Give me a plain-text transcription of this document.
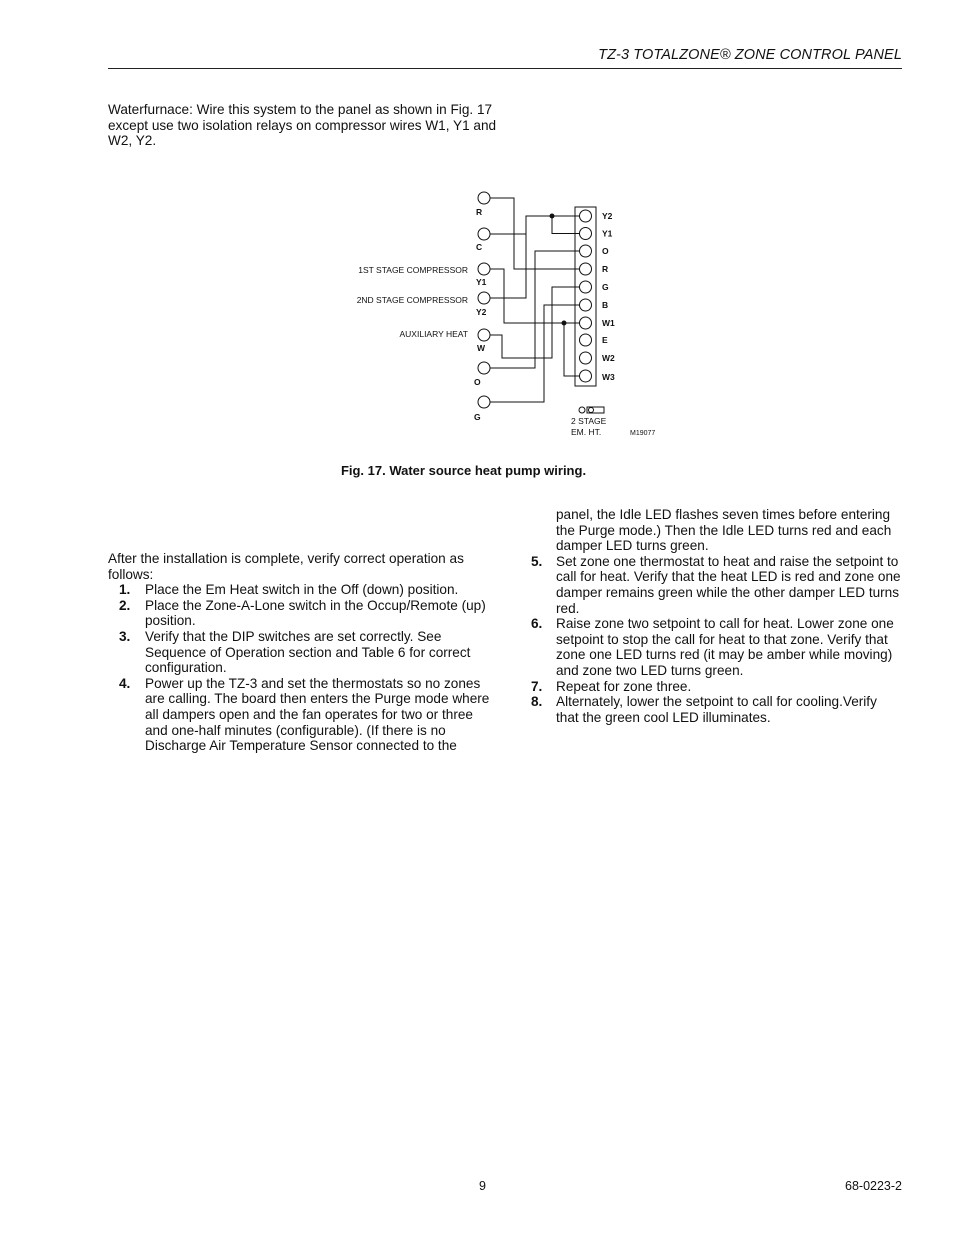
TZ-3 TOTALZONE® ZONE CONTROL PANEL
Waterfurnace: Wire this system to the panel as shown in Fig. 17 except use two isolation relays on compressor wires W1, Y1 and W2, Y2.
R
C
Y1
Y2
W
O
G
1ST STAGE COMPRESSOR
2ND STAGE COMPRESSOR
AUXILIARY HEAT
Y2
Y1
O
R
G
B
W1
E
W2
W3
2 STAGE
EM. HT.	M19077
Fig. 17. Water source heat pump wiring.

After the installation is complete, verify correct operation as follows:

1. Place the Em Heat switch in the Off (down) position.
2. Place the Zone-A-Lone switch in the Occup/Remote (up) position.
3. Verify that the DIP switches are set correctly. See Sequence of Operation section and Table 6 for correct configuration.
4. Power up the TZ-3 and set the thermostats so no zones are calling. The board then enters the Purge mode where all dampers open and the fan operates for two or three and one-half minutes (configurable). (If there is no Discharge Air Temperature Sensor connected to the

panel, the Idle LED flashes seven times before entering the Purge mode.) Then the Idle LED turns red and each damper LED turns green.

5. Set zone one thermostat to heat and raise the setpoint to call for heat. Verify that the heat LED is red and zone one damper remains green while the other damper LED turns red.
6. Raise zone two setpoint to call for heat. Lower zone one setpoint to stop the call for heat to that zone. Verify that zone one LED turns red (it may be amber while moving) and zone two LED turns green.
7. Repeat for zone three.
8. Alternately, lower the setpoint to call for cooling.Verify that the green cool LED illuminates.
9	68-0223-2
